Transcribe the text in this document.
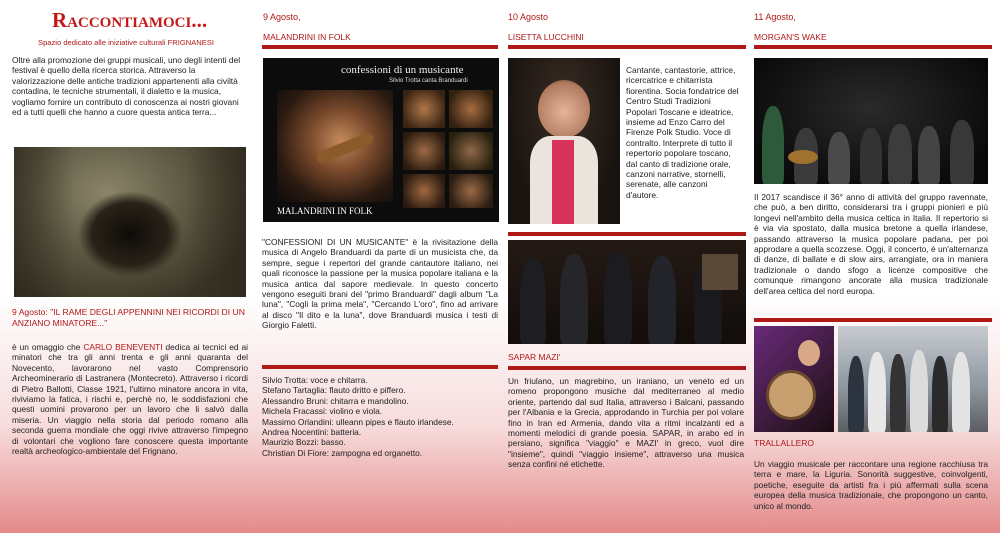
Raccontiamoci...
Spazio dedicato alle iniziative culturali FRIGNANESI

Oltre alla promozione dei gruppi musicali, uno degli intenti del festival è quello della ricerca storica. Attraverso la valorizzazione delle antiche tradizioni appartenenti alla civiltà contadina, le tecniche strumentali, il dialetto e la musica, vogliamo fornire un contributo di conoscenza ai nostri giovani ed a tutti quelli che hanno a cuore questa antica terra...

9 Agosto: "IL RAME DEGLI APPENNINI NEI RICORDI DI UN ANZIANO MINATORE..."

è un omaggio che CARLO BENEVENTI dedica ai tecnici ed ai minatori che tra gli anni trenta e gli anni quaranta del Novecento, lavorarono nel vasto Comprensorio Archeominerario di Lastranera (Montecreto). Attraverso i ricordi di Pietro Ballotti, Classe 1921, l'ultimo minatore ancora in vita, riviviamo la fatica, i rischi e, perchè no, le soddisfazioni che questi uomini provarono per un lavoro che li salvò dalla miseria. Un viaggio nella storia dal periodo romano alla seconda guerra mondiale che oggi rivive attraverso l'impegno di volontari che vogliono fare conoscere questa importante realtà archeologico-ambientale del Frignano.

9 Agosto,
MALANDRINI IN FOLK
confessioni di un musicante
Silvio Trotta canta Branduardi
MALANDRINI IN FOLK

"CONFESSIONI DI UN MUSICANTE" è la rivisitazione della musica di Angelo Branduardi da parte di un musicista che, da sempre, segue i repertori del grande cantautore italiano, nei quali riconosce la passione per la musica popolare italiana e la musica antica dal sapore medievale. In questo concerto vengono eseguiti brani del "primo Branduardi" dagli album "La luna", "Cogli la prima mela", "Cercando L'oro", fino ad arrivare al disco "Il dito e la luna", dove Branduardi musica i testi di Giorgio Faletti.

Silvio Trotta: voce e chitarra.
Stefano Tartaglia: flauto dritto e piffero.
Alessandro Bruni: chitarra e mandolino.
Michela Fracassi: violino e viola.
Massimo Orlandini: ulleann pipes e flauto irlandese.
Andrea Nocentini: batteria.
Maurizio Bozzi: basso.
Christian Di Fiore: zampogna ed organetto.
10 Agosto
LISETTA LUCCHINI

Cantante, cantastorie, attrice, ricercatrice e chitarrista fiorentina. Socia fondatrice del Centro Studi Tradizioni Popolari Toscane e ideatrice, insieme ad Enzo Carro del Firenze Polk Studio. Voce di contralto. Interprete di tutto il repertorio popolare toscano, dal canto di tradizione orale, canzoni narrative, stornelli, serenate, alle canzoni d'autore.

SAPAR MAZI'

Un friulano, un magrebino, un iraniano, un veneto ed un romeno propongono musiche dal mediterraneo al medio oriente, partendo dal sud Italia, attraverso i Balcani, passando per l'Albania e la Grecia, approdando in Turchia per poi volare fino in Iran ed Armenia, dando vita a ritmi incalzanti ed a momenti melodici di grande poesia. SAPAR, in arabo ed in persiano, significa "viaggio" e MAZI' in greco, vuol dire "insieme", quindi "viaggio insieme", attraverso una musica senza confini né etichette.

11 Agosto,
MORGAN'S WAKE

Il 2017 scandisce il 36° anno di attività del gruppo ravennate, che può, a ben diritto, considerarsi tra i gruppi pionieri e più longevi nell'ambito della musica celtica in Italia. Il repertorio si è via via spostato, dalla musica bretone a quella irlandese, passando attraverso la musica popolare padana, per poi approdare a quella scozzese. Oggi, il concerto, è un'alternanza di danze, di ballate e di slow airs, arrangiate, ora in maniera tradizionale o dando sfogo a licenze compositive che comunque rimangono ancorate alla musica tradizionale dell'area celtica del nord europa.

TRALLALLERO

Un viaggio musicale per raccontare una regione racchiusa tra terra e mare, la Liguria. Sonorità suggestive, coinvolgenti, poetiche, eseguite da artisti fra i più affermati sulla scena europea della musica tradizionale, che propongono un canto, unico al mondo.
